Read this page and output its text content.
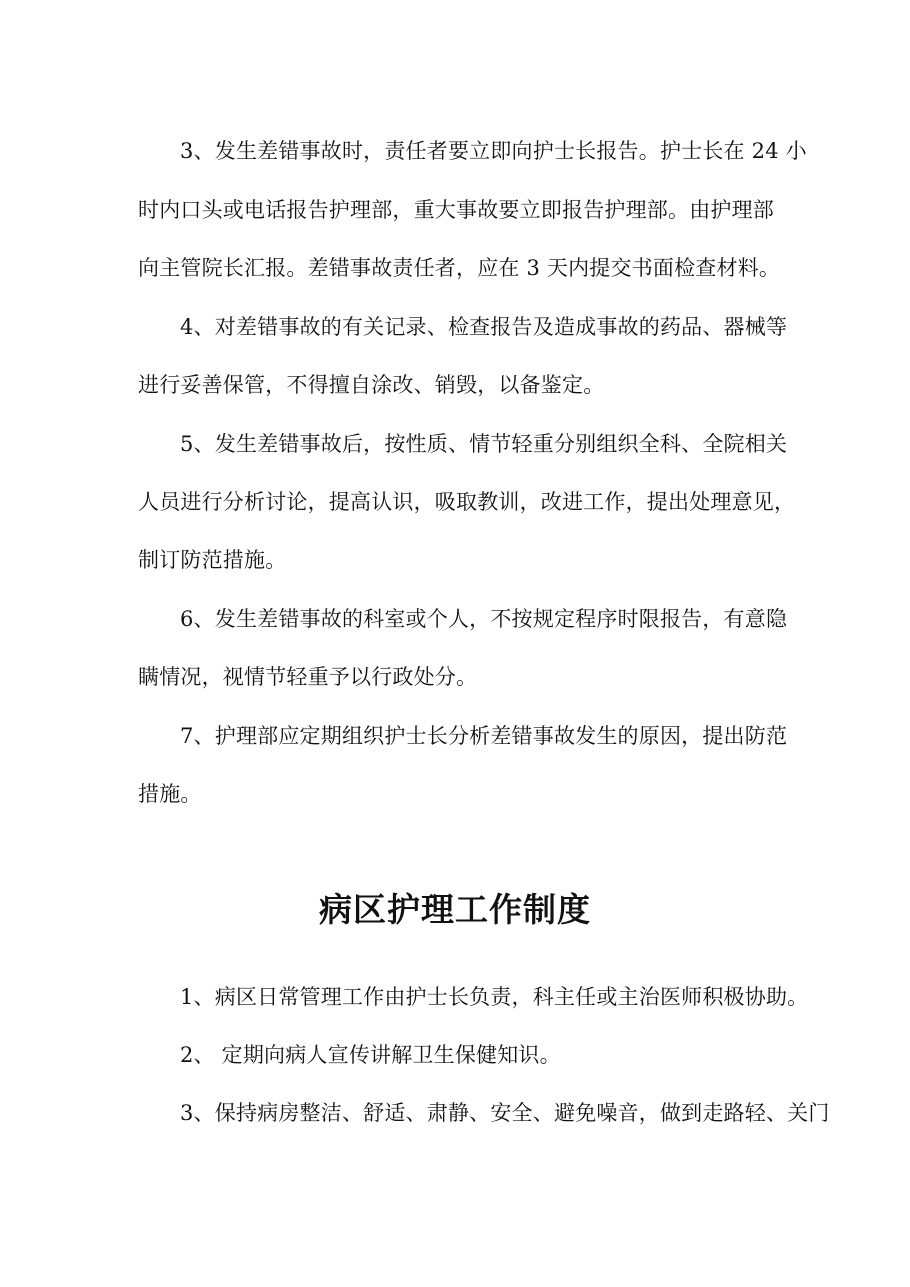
3、发生差错事故时，责任者要立即向护士长报告。护士长在 24 小
时内口头或电话报告护理部，重大事故要立即报告护理部。由护理部
向主管院长汇报。差错事故责任者，应在 3 天内提交书面检查材料。
4、对差错事故的有关记录、检查报告及造成事故的药品、器械等
进行妥善保管，不得擅自涂改、销毁，以备鉴定。
5、发生差错事故后，按性质、情节轻重分别组织全科、全院相关
人员进行分析讨论，提高认识，吸取教训，改进工作，提出处理意见，
制订防范措施。
6、发生差错事故的科室或个人，不按规定程序时限报告，有意隐
瞒情况，视情节轻重予以行政处分。
7、护理部应定期组织护士长分析差错事故发生的原因，提出防范
措施。
病区护理工作制度
1、病区日常管理工作由护士长负责，科主任或主治医师积极协助。
2、 定期向病人宣传讲解卫生保健知识。
3、保持病房整洁、舒适、肃静、安全、避免噪音，做到走路轻、关门
